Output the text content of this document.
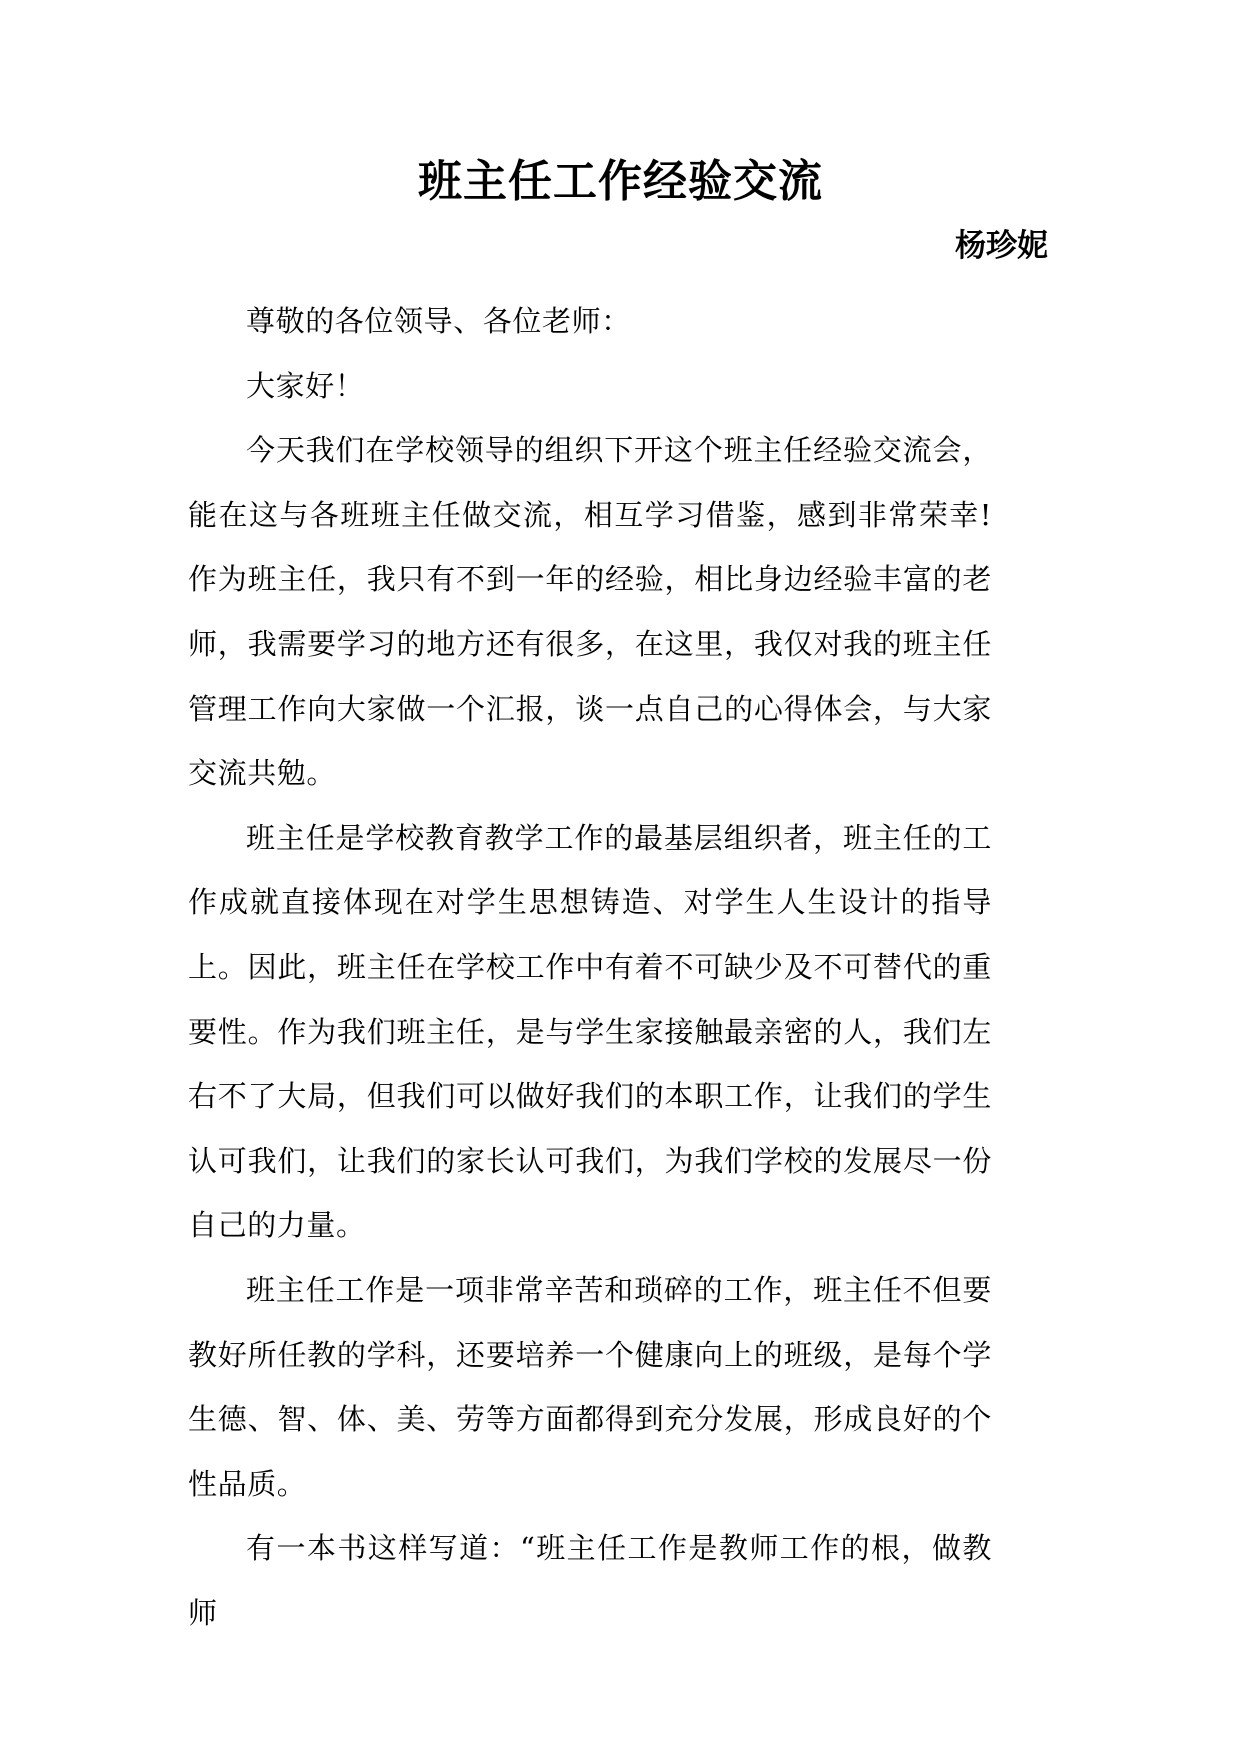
班主任工作经验交流
杨珍妮

尊敬的各位领导、各位老师：

大家好！

今天我们在学校领导的组织下开这个班主任经验交流会，能在这与各班班主任做交流，相互学习借鉴，感到非常荣幸!作为班主任，我只有不到一年的经验，相比身边经验丰富的老师，我需要学习的地方还有很多，在这里，我仅对我的班主任管理工作向大家做一个汇报，谈一点自己的心得体会，与大家交流共勉。

班主任是学校教育教学工作的最基层组织者，班主任的工作成就直接体现在对学生思想铸造、对学生人生设计的指导上。因此，班主任在学校工作中有着不可缺少及不可替代的重要性。作为我们班主任，是与学生家接触最亲密的人，我们左右不了大局，但我们可以做好我们的本职工作，让我们的学生认可我们，让我们的家长认可我们，为我们学校的发展尽一份自己的力量。

班主任工作是一项非常辛苦和琐碎的工作，班主任不但要教好所任教的学科，还要培养一个健康向上的班级，是每个学生德、智、体、美、劳等方面都得到充分发展，形成良好的个性品质。

有一本书这样写道：“班主任工作是教师工作的根，做教师
